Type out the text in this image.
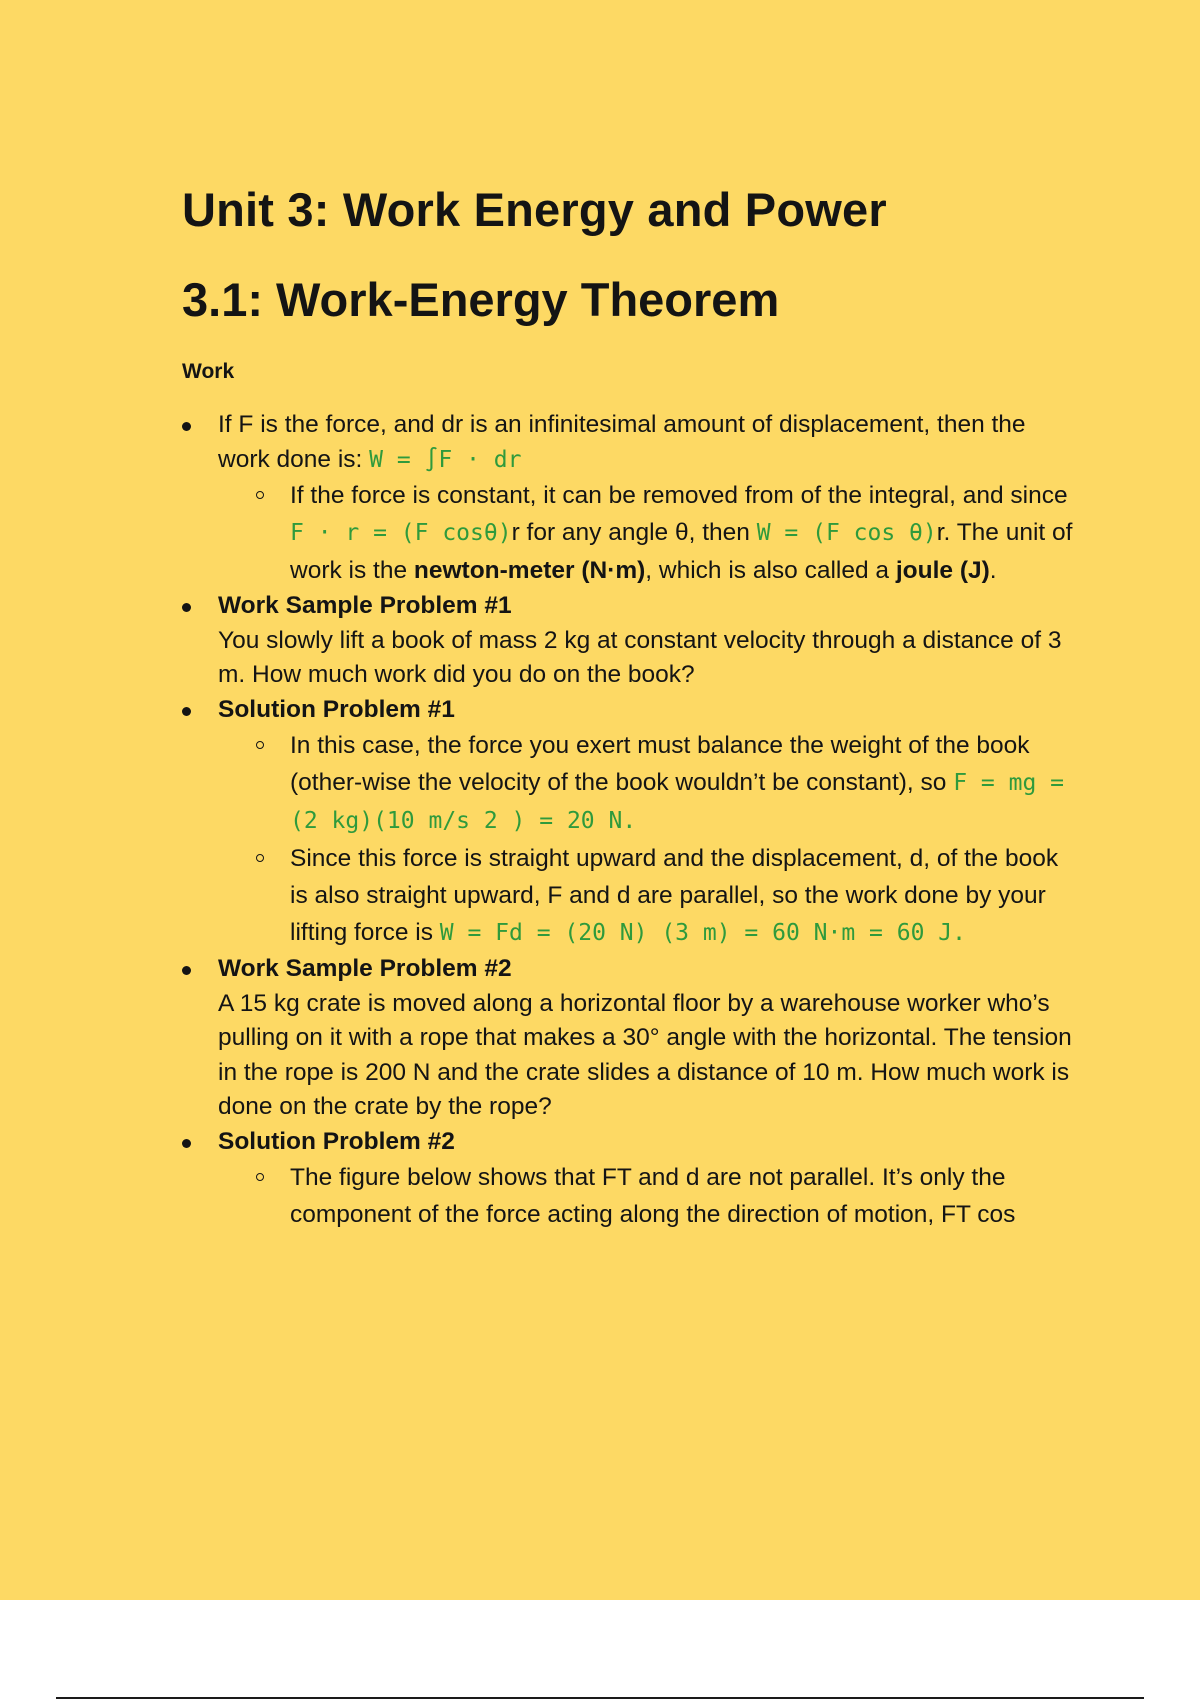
Unit 3: Work Energy and Power
3.1: Work-Energy Theorem
Work
If F is the force, and dr is an infinitesimal amount of displacement, then the work done is: W = ∫F · dr
If the force is constant, it can be removed from of the integral, and since F · r = (F cosθ)r for any angle θ, then W = (F cos θ)r. The unit of work is the newton-meter (N·m), which is also called a joule (J).
Work Sample Problem #1
You slowly lift a book of mass 2 kg at constant velocity through a distance of 3 m. How much work did you do on the book?
Solution Problem #1
In this case, the force you exert must balance the weight of the book (other-wise the velocity of the book wouldn’t be constant), so F = mg = (2 kg)(10 m/s 2 ) = 20 N.
Since this force is straight upward and the displacement, d, of the book is also straight upward, F and d are parallel, so the work done by your lifting force is W = Fd = (20 N) (3 m) = 60 N·m = 60 J.
Work Sample Problem #2
A 15 kg crate is moved along a horizontal floor by a warehouse worker who’s pulling on it with a rope that makes a 30° angle with the horizontal. The tension in the rope is 200 N and the crate slides a distance of 10 m. How much work is done on the crate by the rope?
Solution Problem #2
The figure below shows that FT and d are not parallel. It’s only the component of the force acting along the direction of motion, FT cos
